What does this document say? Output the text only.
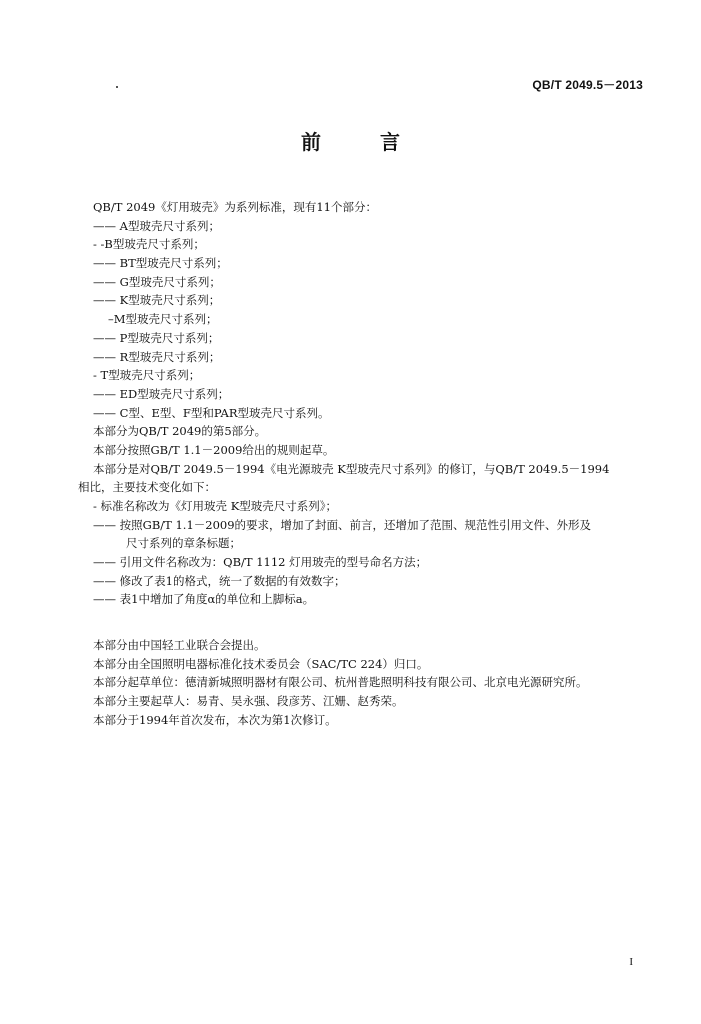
QB/T 2049.5－2013
前 言
QB/T 2049《灯用玻壳》为系列标准，现有11个部分：
—— A型玻壳尺寸系列；
- -B型玻壳尺寸系列；
—— BT型玻壳尺寸系列；
—— G型玻壳尺寸系列；
—— K型玻壳尺寸系列；
–M型玻壳尺寸系列；
—— P型玻壳尺寸系列；
—— R型玻壳尺寸系列；
- T型玻壳尺寸系列；
—— ED型玻壳尺寸系列；
—— C型、E型、F型和PAR型玻壳尺寸系列。
本部分为QB/T 2049的第5部分。
本部分按照GB/T 1.1－2009给出的规则起草。
本部分是对QB/T 2049.5－1994《电光源玻壳 K型玻壳尺寸系列》的修订，与QB/T 2049.5－1994
相比，主要技术变化如下：
- 标准名称改为《灯用玻壳 K型玻壳尺寸系列》；
—— 按照GB/T 1.1－2009的要求，增加了封面、前言，还增加了范围、规范性引用文件、外形及
尺寸系列的章条标题；
—— 引用文件名称改为：QB/T 1112 灯用玻壳的型号命名方法；
—— 修改了表1的格式，统一了数据的有效数字；
—— 表1中增加了角度α的单位和上脚标a。
本部分由中国轻工业联合会提出。
本部分由全国照明电器标准化技术委员会（SAC/TC 224）归口。
本部分起草单位：德清新城照明器材有限公司、杭州普匙照明科技有限公司、北京电光源研究所。
本部分主要起草人：易青、吴永强、段彦芳、江姗、赵秀荣。
本部分于1994年首次发布，本次为第1次修订。
I
